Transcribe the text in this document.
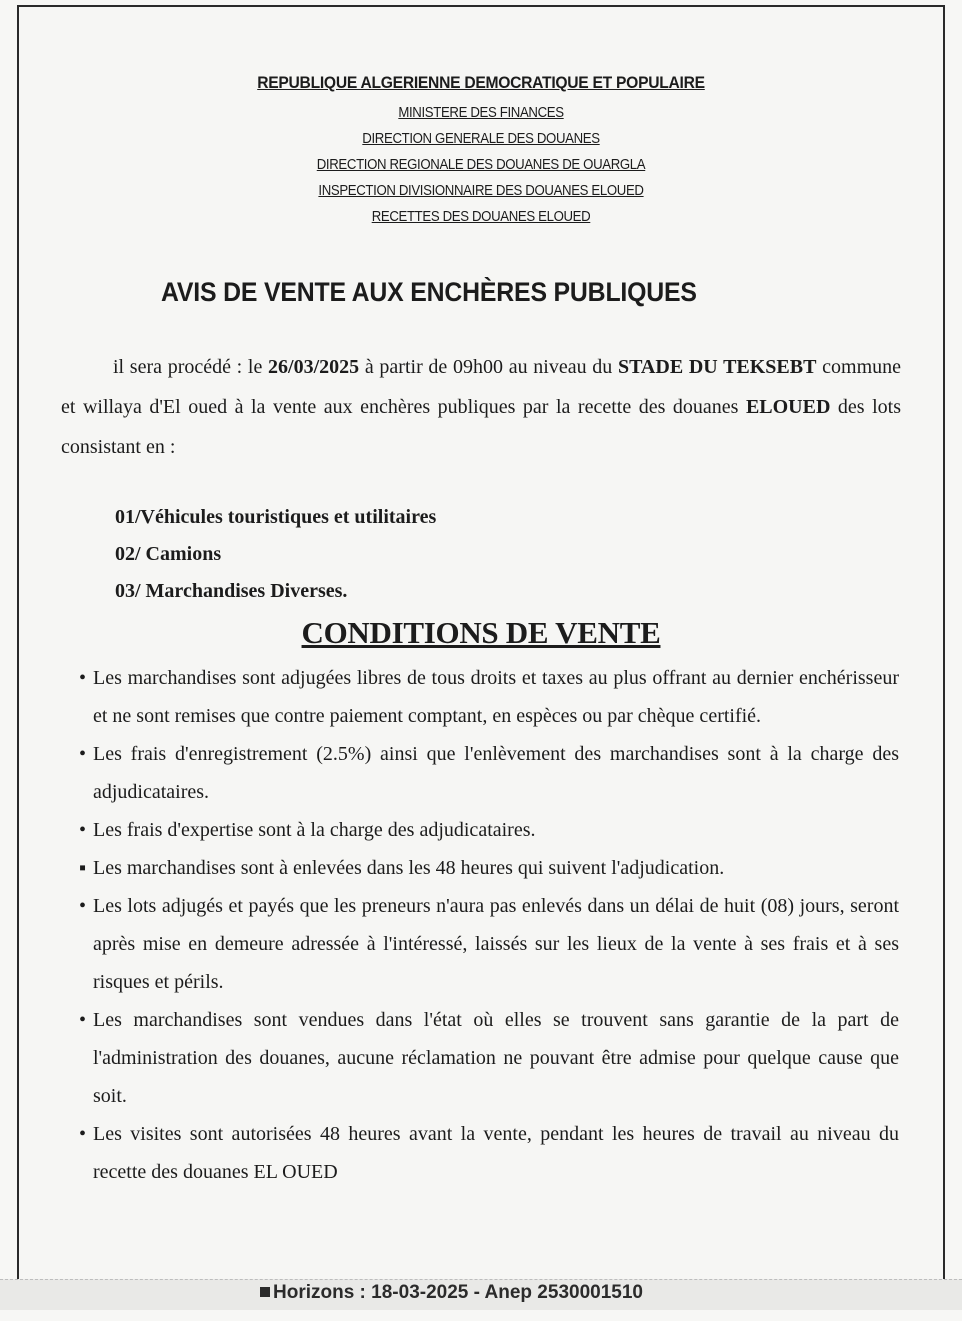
REPUBLIQUE ALGERIENNE DEMOCRATIQUE ET POPULAIRE
MINISTERE DES FINANCES
DIRECTION GENERALE DES DOUANES
DIRECTION REGIONALE DES DOUANES DE OUARGLA
INSPECTION DIVISIONNAIRE DES DOUANES ELOUED
RECETTES DES DOUANES ELOUED
AVIS DE VENTE AUX ENCHÈRES PUBLIQUES
il sera procédé : le 26/03/2025 à partir de 09h00 au niveau du STADE DU TEKSEBT commune et willaya d'El oued à la vente aux enchères publiques par la recette des douanes ELOUED des lots consistant en :
01/Véhicules touristiques et utilitaires
02/ Camions
03/ Marchandises Diverses.
CONDITIONS DE VENTE
• Les marchandises sont adjugées libres de tous droits et taxes au plus offrant au dernier enchérisseur et ne sont remises que contre paiement comptant, en espèces ou par chèque certifié.
• Les frais d'enregistrement (2.5%) ainsi que l'enlèvement des marchandises sont à la charge des adjudicataires.
• Les frais d'expertise sont à la charge des adjudicataires.
▪ Les marchandises sont à enlevées dans les 48 heures qui suivent l'adjudication.
• Les lots adjugés et payés que les preneurs n'aura pas enlevés dans un délai de huit (08) jours, seront après mise en demeure adressée à l'intéressé, laissés sur les lieux de la vente à ses frais et à ses risques et périls.
• Les marchandises sont vendues dans l'état où elles se trouvent sans garantie de la part de l'administration des douanes, aucune réclamation ne pouvant être admise pour quelque cause que soit.
• Les visites sont autorisées 48 heures avant la vente, pendant les heures de travail au niveau du recette des douanes EL OUED
Horizons : 18-03-2025 - Anep 2530001510
